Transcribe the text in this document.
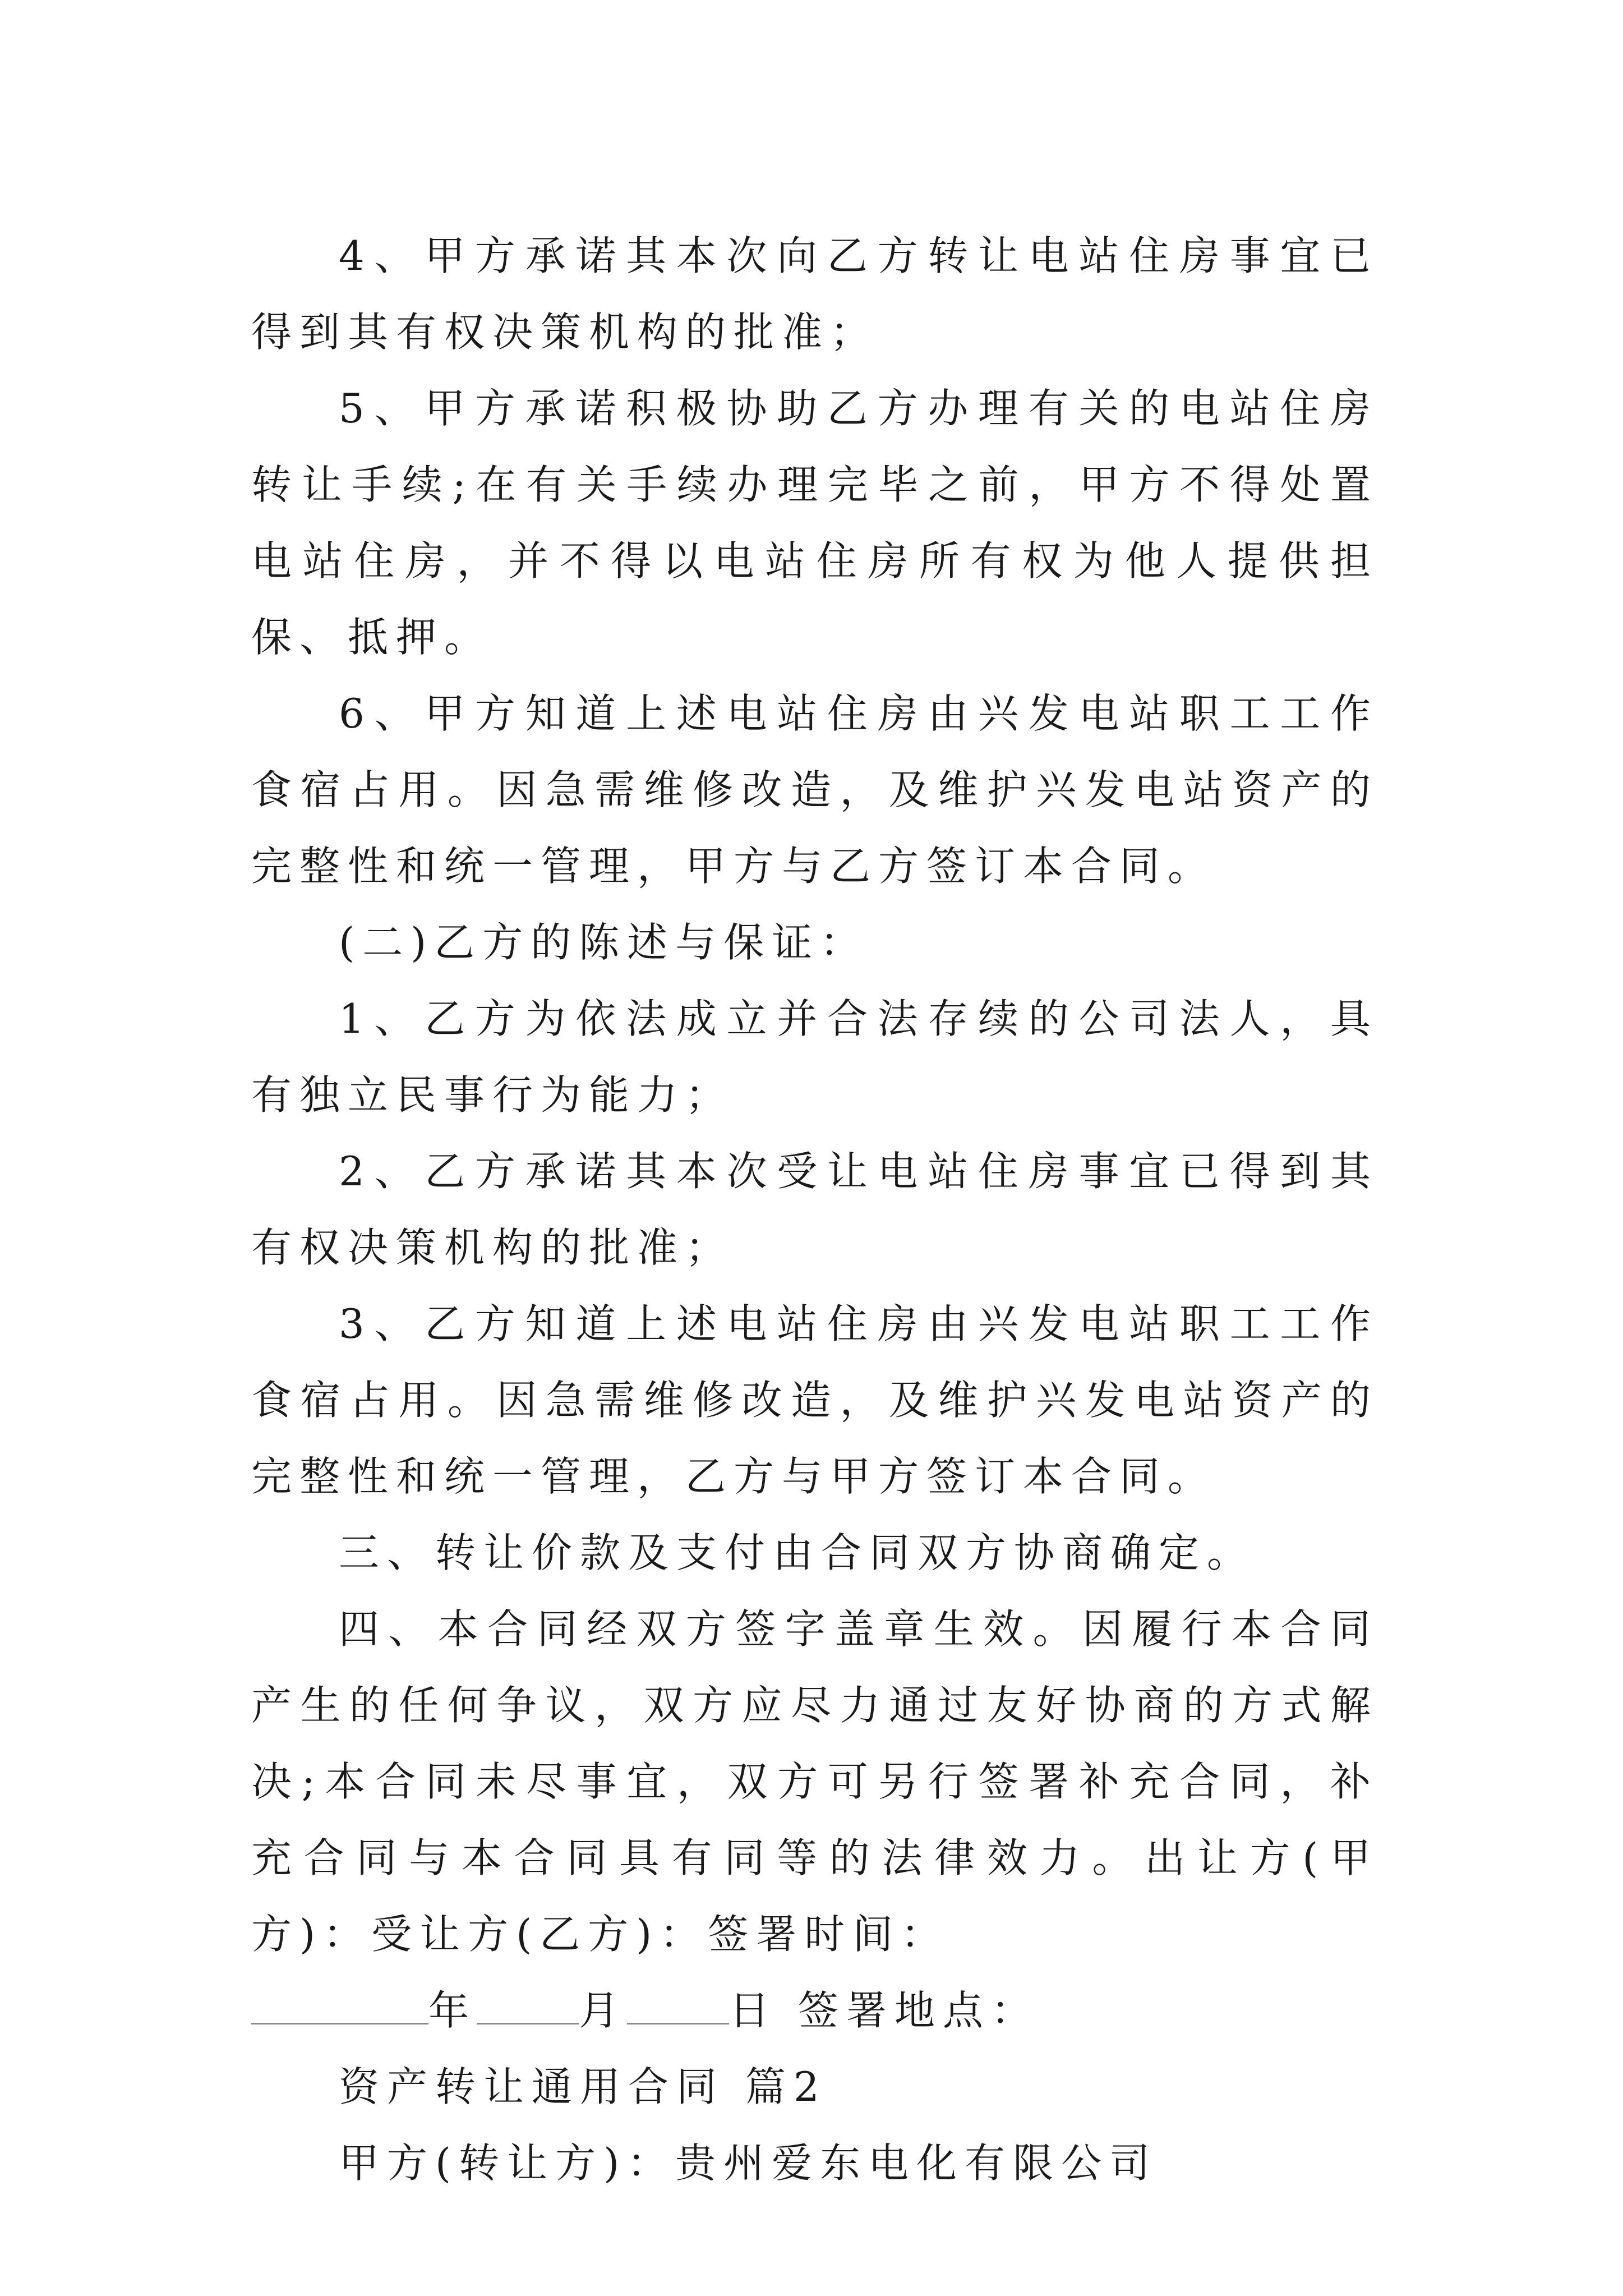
4、甲方承诺其本次向乙方转让电站住房事宜已得到其有权决策机构的批准；

5、甲方承诺积极协助乙方办理有关的电站住房转让手续;在有关手续办理完毕之前，甲方不得处置电站住房，并不得以电站住房所有权为他人提供担保、抵押。

6、甲方知道上述电站住房由兴发电站职工工作食宿占用。因急需维修改造，及维护兴发电站资产的完整性和统一管理，甲方与乙方签订本合同。

(二)乙方的陈述与保证：

1、乙方为依法成立并合法存续的公司法人，具有独立民事行为能力；

2、乙方承诺其本次受让电站住房事宜已得到其有权决策机构的批准；

3、乙方知道上述电站住房由兴发电站职工工作食宿占用。因急需维修改造，及维护兴发电站资产的完整性和统一管理，乙方与甲方签订本合同。

三、转让价款及支付由合同双方协商确定。

四、本合同经双方签字盖章生效。因履行本合同产生的任何争议，双方应尽力通过友好协商的方式解决;本合同未尽事宜，双方可另行签署补充合同，补充合同与本合同具有同等的法律效力。出让方(甲方)：受让方(乙方)：签署时间：

年	月	日 签署地点：

资产转让通用合同 篇2

甲方(转让方)：贵州爱东电化有限公司
